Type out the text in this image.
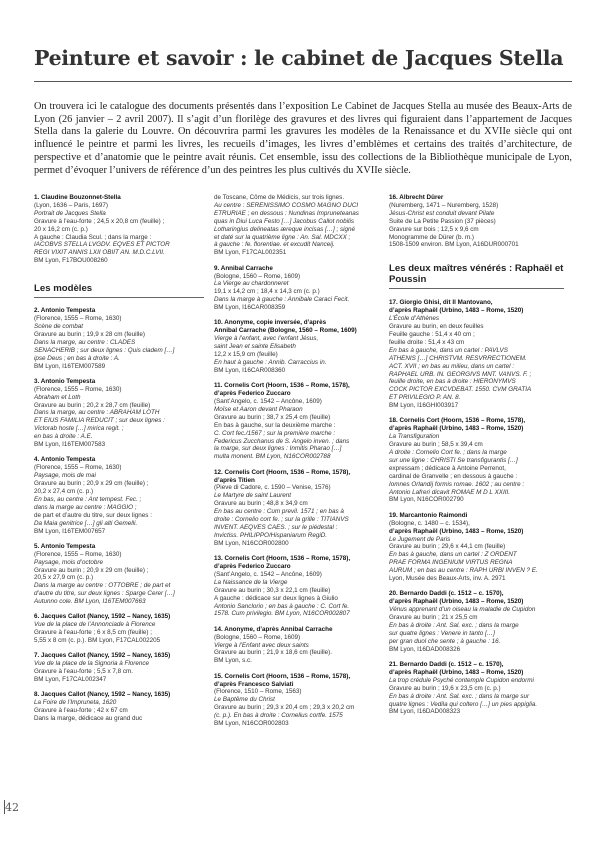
Peinture et savoir : le cabinet de Jacques Stella

On trouvera ici le catalogue des documents présentés dans l’exposition Le Cabinet de Jacques Stella au musée des Beaux-Arts de Lyon (26 janvier – 2 avril 2007). Il s’agit d’un florilège des gravures et des livres qui figuraient dans l’appartement de Jacques Stella dans la galerie du Louvre. On découvrira parmi les gravures les modèles de la Renaissance et du XVIIe siècle qui ont influencé le peintre et parmi les livres, les recueils d’images, les livres d’emblèmes et certains des traités d’architecture, de perspective et d’anatomie que le peintre avait réunis. Cet ensemble, issu des collections de la Bibliothèque municipale de Lyon, permet d’évoquer l’univers de référence d’un des peintres les plus cultivés du XVIIe siècle.

1. Claudine Bouzonnet-Stella

(Lyon, 1636 – Paris, 1697)

Portrait de Jacques Stella

Gravure à l’eau-forte ; 24,5 x 20,8 cm (feuille) ;

20 x 16,2 cm (c. p.)

A gauche : Claudia Scul. ; dans la marge :

IACOBVS STELLA LVGDV. EQVES ET PICTOR

REGI VIXIT ANNIS LXII OBIIT AN. M.D.C.LVII.

BM Lyon, F17BOU008260

Les modèles

2. Antonio Tempesta

(Florence, 1555 – Rome, 1630)

Scène de combat

Gravure au burin ; 19,9 x 28 cm (feuille)

Dans la marge, au centre : CLADES

SENACHERIB ; sur deux lignes : Quis cladem […]

ipse Deus ; en bas à droite : A.

BM Lyon, I16TEM007589

3. Antonio Tempesta

(Florence, 1555 – Rome, 1630)

Abraham et Loth

Gravure au burin ; 20,2 x 28,7 cm (feuille)

Dans la marge, au centre : ABRAHAM LOTH

ET EIUS FAMILIA REDUCIT ; sur deux lignes :

Victorab hoste […] mirica regit. ;

en bas à droite : A.E.

BM Lyon, I16TEM007583

4. Antonio Tempesta

(Florence, 1555 – Rome, 1630)

Paysage, mois de mai

Gravure au burin ; 20,9 x 29 cm (feuille) ;

20,2 x 27,4 cm (c. p.)

En bas, au centre : Ant tempest. Fec. ;

dans la marge au centre : MAGGIO ;

de part et d’autre du titre, sur deux lignes :

Da Maia genitrice […] gli alti Gemelli.

BM Lyon, I16TEM007657

5. Antonio Tempesta

(Florence, 1555 – Rome, 1630)

Paysage, mois d’octobre

Gravure au burin ; 20,9 x 29 cm (feuille) ;

20,5 x 27,9 cm (c. p.)

Dans la marge au centre : OTTOBRE ; de part et

d’autre du titre, sur deux lignes : Sparge Cerer […]

Autunno cole. BM Lyon, I16TEM007663

6. Jacques Callot (Nancy, 1592 – Nancy, 1635)

Vue de la place de l’Annonciade à Florence

Gravure à l’eau-forte ; 6 x 8,5 cm (feuille) ;

5,55 x 8 cm (c. p.). BM Lyon, F17CAL002205

7. Jacques Callot (Nancy, 1592 – Nancy, 1635)

Vue de la place de la Signoria à Florence

Gravure à l’eau-forte ; 5,5 x 7,8 cm.

BM Lyon, F17CAL002347

8. Jacques Callot (Nancy, 1592 – Nancy, 1635)

La Foire de l’Impruneta, 1620

Gravure à l’eau-forte ; 42 x 67 cm

Dans la marge, dédicace au grand duc

de Toscane, Côme de Médicis, sur trois lignes.

Au centre : SERENISSIMO COSMO MAGNO DUCI

ETRURIAE ; en dessous : Nundinas Impruneteanas

quas in Diui Luca Festo […] Jacobus Callot nobilis

Lotharingius delineatas æreque incisas […] ; signé

et daté sur la quatrième ligne : An. Sal. MDCXX ;

à gauche : fe. florentiae. et excudit Nanceij.

BM Lyon, F17CAL002351

9. Annibal Carrache

(Bologne, 1560 – Rome, 1609)

La Vierge au chardonneret

19,1 x 14,2 cm ; 18,4 x 14,3 cm (c. p.)

Dans la marge à gauche : Annibale Caraci Fecit.

BM Lyon, I16CAR008359

10. Anonyme, copie inversée, d’après

Annibal Carrache (Bologne, 1560 – Rome, 1609)

Vierge à l’enfant, avec l’enfant Jésus,

saint Jean et sainte Elisabeth

12,2 x 15,9 cm (feuille)

En haut à gauche : Annib. Carraccius in.

BM Lyon, I16CAR008360

11. Cornelis Cort (Hoorn, 1536 – Rome, 1578),

d’après Federico Zuccaro

(Sant’Angelo, c. 1542 – Ancône, 1609)

Moïse et Aaron devant Pharaon

Gravure au burin ; 38,7 x 25,4 cm (feuille)

En bas à gauche, sur la deuxième marche :

C. Cort fec./1567 ; sur la première marche :

Federicus Zucchanus de S. Angelo inven. ; dans

la marge, sur deux lignes : Inmitis Pharao […]

multa monent. BM Lyon, N16COR002788

12. Cornelis Cort (Hoorn, 1536 – Rome, 1578),

d’après Titien

(Pieve di Cadore, c. 1590 – Venise, 1576)

Le Martyre de saint Laurent

Gravure au burin ; 48,8 x 34,9 cm

En bas au centre : Cum previl. 1571 ; en bas à

droite : Cornelio cort fe. ; sur la grille : TITIANVS

INVENT. AEQVES CAES. ; sur le piédestal :

Invictiss. PHILIPPO/Hispaniarum RegiD.

BM Lyon, N16COR002800

13. Cornelis Cort (Hoorn, 1536 – Rome, 1578),

d’après Federico Zuccaro

(Sant’Angelo, c. 1542 – Ancône, 1609)

La Naissance de la Vierge

Gravure au burin ; 30,3 x 22,1 cm (feuille)

A gauche : dédicace sur deux lignes à Giulio

Antonio Sanclorio ; en bas à gauche : C. Cort fe.

1578. Cum privilegio. BM Lyon, N16COR002807

14. Anonyme, d’après Annibal Carrache

(Bologne, 1560 – Rome, 1609)

Vierge à l’Enfant avec deux saints

Gravure au burin ; 21,9 x 18,6 cm (feuille).

BM Lyon, s.c.

15. Cornelis Cort (Hoorn, 1536 – Rome, 1578),

d’après Francesco Salviati

(Florence, 1510 – Rome, 1563)

Le Baptême du Christ

Gravure au burin ; 29,3 x 20,4 cm ; 29,3 x 20,2 cm

(c. p.). En bas à droite : Cornelius cortfe. 1575

BM Lyon, N16COR002803

16. Albrecht Dürer

(Nuremberg, 1471 – Nuremberg, 1528)

Jésus-Christ est conduit devant Pilate

Suite de La Petite Passion (37 pièces)

Gravure sur bois ; 12,5 x 9,6 cm

Monogramme de Dürer (b. m.)

1508-1509 environ. BM Lyon, A16DUR000701

Les deux maîtres vénérés : Raphaël et Poussin

17. Giorgio Ghisi, dit Il Mantovano,

d’après Raphaël (Urbino, 1483 – Rome, 1520)

L’École d’Athènes

Gravure au burin, en deux feuilles

Feuille gauche : 51,4 x 40 cm ;

feuille droite : 51,4 x 43 cm

En bas à gauche, dans un cartel : PAVLVS

ATHENIS […] CHRISTVM. RESVRRECTIONEM.

ACT. XVII ; en bas au milieu, dans un cartel :

RAPHAEL URB. IN. GEORGIVS MNT. VANVS. F. ;

feuille droite, en bas à droite : HIERONYMVS

COCK PICTOR EXCVDEBAT. 1550. CVM GRATIA

ET PRIVILEGIO P. AN. 8.

BM Lyon, I16GHI003917

18. Cornelis Cort (Hoorn, 1536 – Rome, 1578),

d’après Raphaël (Urbino, 1483 – Rome, 1520)

La Transfiguration

Gravure au burin ; 58,5 x 39,4 cm

A droite : Cornelio Cort fe. ; dans la marge

sur une ligne : CHRISTI Se transfigurantis […]

expressam ; dédicace à Antoine Perrenot,

cardinal de Granvelle ; en dessous à gauche :

Iomnes Orlandij formis romae. 1602 ; au centre :

Antonio Lafreri dicavit ROMAE M D L XXIII.

BM Lyon, N16COR002790

19. Marcantonio Raimondi

(Bologne, c. 1480 – c. 1534),

d’après Raphaël (Urbino, 1483 – Rome, 1520)

Le Jugement de Paris

Gravure au burin ; 29,6 x 44,1 cm (feuille)

En bas à gauche, dans un cartel : Z ORDENT

PRAE FORMA INGENIUM VIRTUS REGNA

AURUM ; en bas au centre : RAPH URBI INVEN ? E.

Lyon, Musée des Beaux-Arts, inv. A. 2971

20. Bernardo Daddi (c. 1512 – c. 1570),

d’après Raphaël (Urbino, 1483 – Rome, 1520)

Vénus apprenant d’un oiseau la maladie de Cupidon

Gravure au burin ; 21 x 25,5 cm

En bas à droite : Ant. Sal. exc. ; dans la marge

sur quatre lignes : Venere in tanto […]

per gran duol che sente ; à gauche : 16.

BM Lyon, I16DAD008326

21. Bernardo Daddi (c. 1512 – c. 1570),

d’après Raphaël (Urbino, 1483 – Rome, 1520)

La trop crédule Psyché contemple Cupidon endormi

Gravure au burin ; 19,6 x 23,5 cm (c. p.)

En bas à droite : Ant. Sal. exc. ; dans la marge sur

quatre lignes : Vedila qui coltero […] un pies appiglia.

BM Lyon, I16DAD008323

42
